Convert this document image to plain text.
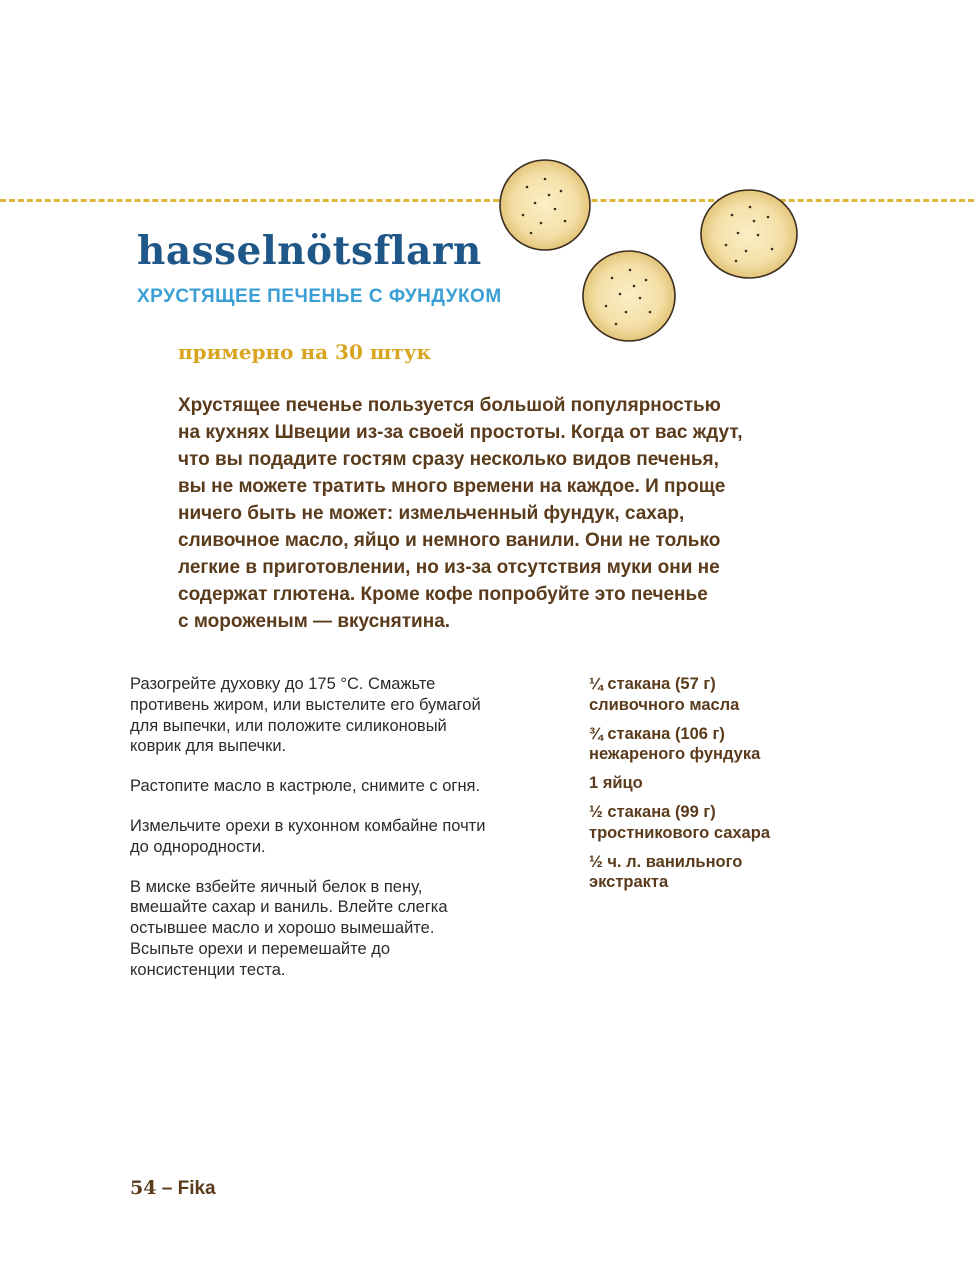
hasselnötsflarn
ХРУСТЯЩЕЕ ПЕЧЕНЬЕ С ФУНДУКОМ
примерно на 30 штук
Хрустящее печенье пользуется большой популярностью
на кухнях Швеции из-за своей простоты. Когда от вас ждут,
что вы подадите гостям сразу несколько видов печенья,
вы не можете тратить много времени на каждое. И проще
ничего быть не может: измельченный фундук, сахар,
сливочное масло, яйцо и немного ванили. Они не только
легкие в приготовлении, но из-за отсутствия муки они не
содержат глютена. Кроме кофе попробуйте это печенье
с мороженым — вкуснятина.
Разогрейте духовку до 175 °С. Смажьте
противень жиром, или выстелите его бумагой
для выпечки, или положите силиконовый
коврик для выпечки.
Растопите масло в кастрюле, снимите с огня.
Измельчите орехи в кухонном комбайне почти
до однородности.
В миске взбейте яичный белок в пену,
вмешайте сахар и ваниль. Влейте слегка
остывшее масло и хорошо вымешайте.
Всыпьте орехи и перемешайте до
консистенции теста.
¼ стакана (57 г)
сливочного масла
¾ стакана (106 г)
нежареного фундука
1 яйцо
½ стакана (99 г)
тростникового сахара
½ ч. л. ванильного
экстракта
54 – Fika
